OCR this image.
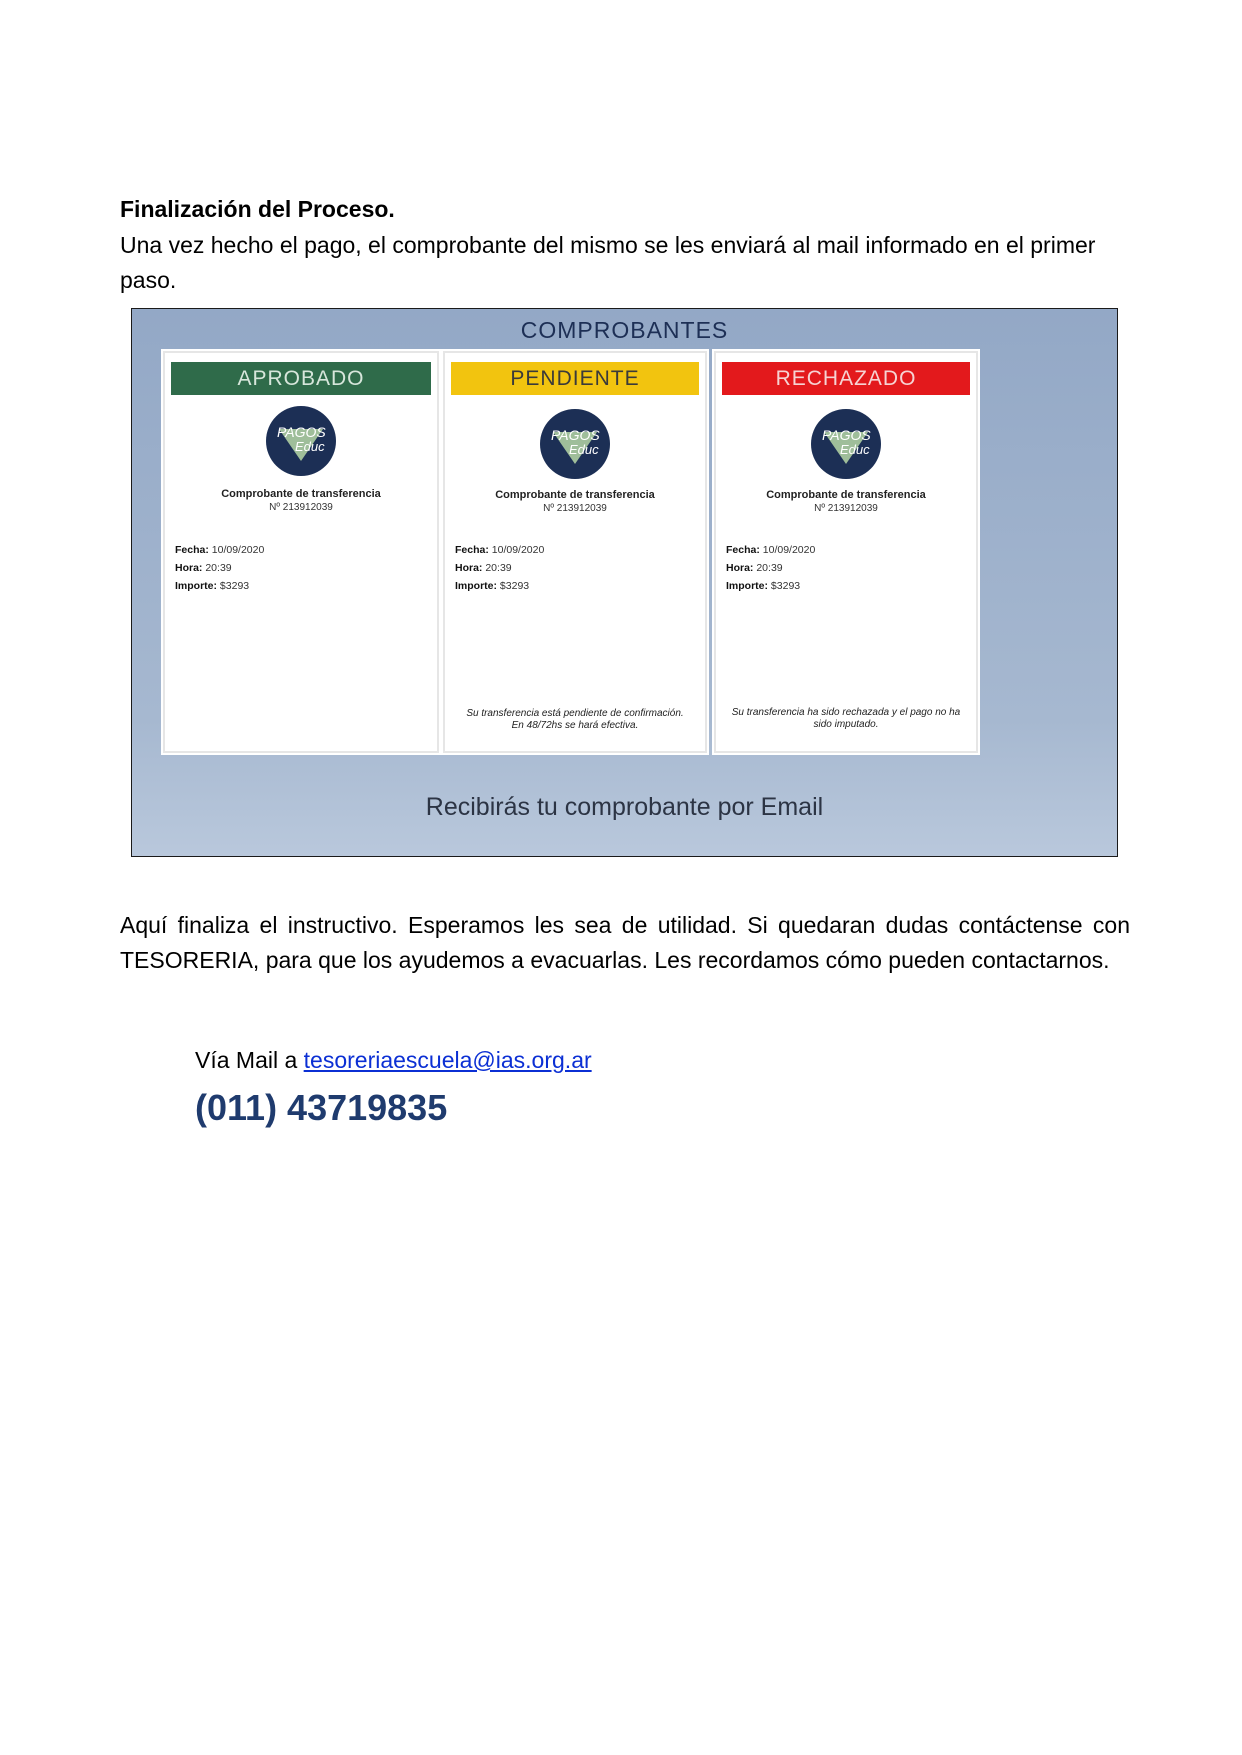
Finalización del Proceso.

Una vez hecho el pago, el comprobante del mismo se les enviará al mail informado en el primer paso.

COMPROBANTES
APROBADO
PAGOS
Educ
Comprobante de transferencia
Nº 213912039
Fecha: 10/09/2020
Hora: 20:39
Importe: $3293
PENDIENTE
PAGOS
Educ
Comprobante de transferencia
Nº 213912039
Fecha: 10/09/2020
Hora: 20:39
Importe: $3293
Su transferencia está pendiente de confirmación. En 48/72hs se hará efectiva.
RECHAZADO
PAGOS
Educ
Comprobante de transferencia
Nº 213912039
Fecha: 10/09/2020
Hora: 20:39
Importe: $3293
Su transferencia ha sido rechazada y el pago no ha sido imputado.
Recibirás tu comprobante por Email

Aquí finaliza el instructivo. Esperamos les sea de utilidad. Si quedaran dudas contáctense con TESORERIA, para que los ayudemos a evacuarlas. Les recordamos cómo pueden contactarnos.

Vía Mail a tesoreriaescuela@ias.org.ar
(011) 43719835
